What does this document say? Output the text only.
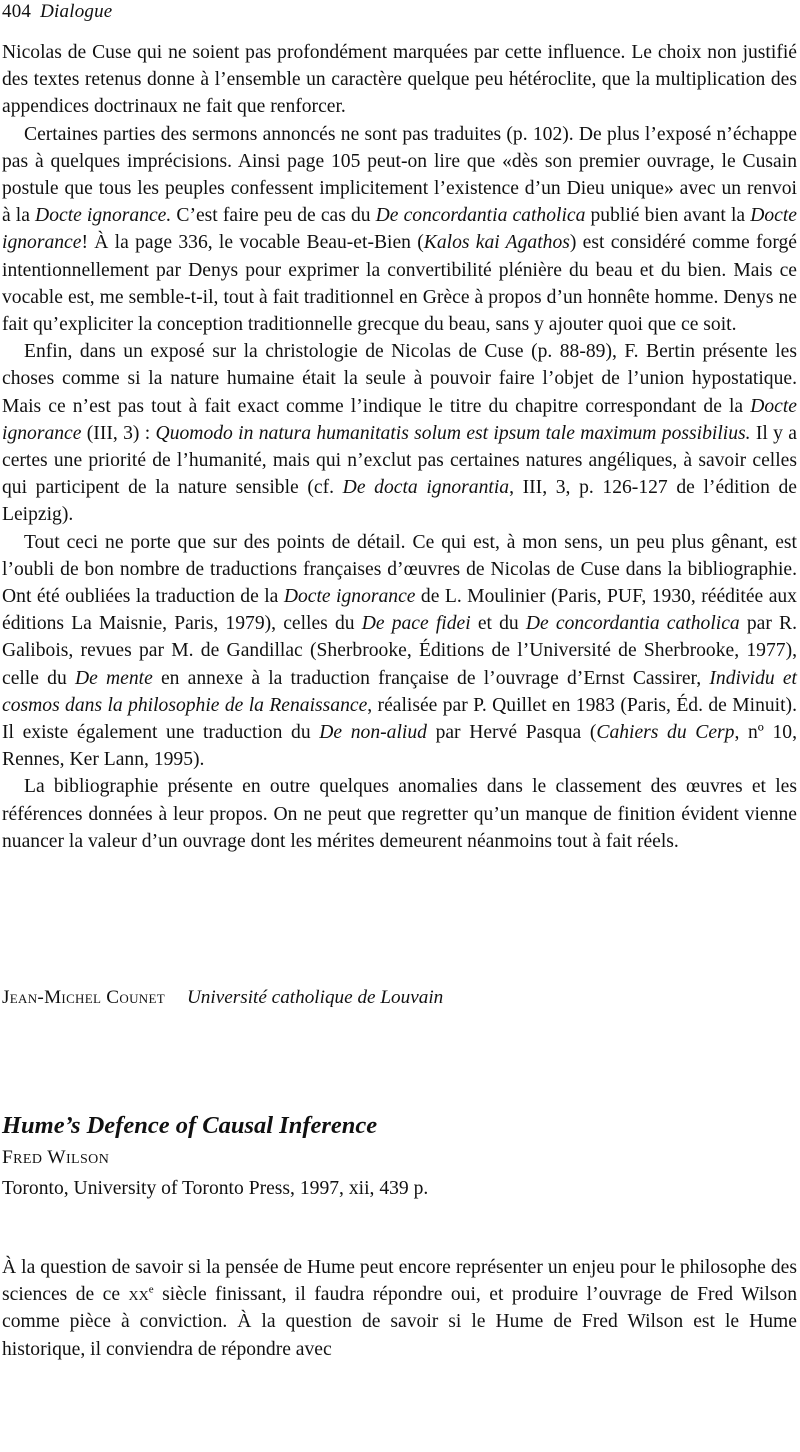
404 Dialogue

Nicolas de Cuse qui ne soient pas profondément marquées par cette influence. Le choix non justifié des textes retenus donne à l’ensemble un caractère quelque peu hétéroclite, que la multiplication des appendices doctrinaux ne fait que renforcer.

Certaines parties des sermons annoncés ne sont pas traduites (p. 102). De plus l’exposé n’échappe pas à quelques imprécisions. Ainsi page 105 peut-on lire que «dès son premier ouvrage, le Cusain postule que tous les peuples confessent implicitement l’existence d’un Dieu unique» avec un renvoi à la Docte ignorance. C’est faire peu de cas du De concordantia catholica publié bien avant la Docte ignorance! À la page 336, le vocable Beau-et-Bien (Kalos kai Agathos) est considéré comme forgé intentionnellement par Denys pour exprimer la convertibilité plénière du beau et du bien. Mais ce vocable est, me semble-t-il, tout à fait traditionnel en Grèce à propos d’un honnête homme. Denys ne fait qu’expliciter la conception traditionnelle grecque du beau, sans y ajouter quoi que ce soit.

Enfin, dans un exposé sur la christologie de Nicolas de Cuse (p. 88-89), F. Bertin présente les choses comme si la nature humaine était la seule à pouvoir faire l’objet de l’union hypostatique. Mais ce n’est pas tout à fait exact comme l’indique le titre du chapitre correspondant de la Docte ignorance (III, 3) : Quomodo in natura humanitatis solum est ipsum tale maximum possibilius. Il y a certes une priorité de l’humanité, mais qui n’exclut pas certaines natures angéliques, à savoir celles qui participent de la nature sensible (cf. De docta ignorantia, III, 3, p. 126-127 de l’édition de Leipzig).

Tout ceci ne porte que sur des points de détail. Ce qui est, à mon sens, un peu plus gênant, est l’oubli de bon nombre de traductions françaises d’œuvres de Nicolas de Cuse dans la bibliographie. Ont été oubliées la traduction de la Docte ignorance de L. Moulinier (Paris, PUF, 1930, rééditée aux éditions La Maisnie, Paris, 1979), celles du De pace fidei et du De concordantia catholica par R. Galibois, revues par M. de Gandillac (Sherbrooke, Éditions de l’Université de Sherbrooke, 1977), celle du De mente en annexe à la traduction française de l’ouvrage d’Ernst Cassirer, Individu et cosmos dans la philosophie de la Renaissance, réalisée par P. Quillet en 1983 (Paris, Éd. de Minuit). Il existe également une traduction du De non-aliud par Hervé Pasqua (Cahiers du Cerp, nº 10, Rennes, Ker Lann, 1995).

La bibliographie présente en outre quelques anomalies dans le classement des œuvres et les références données à leur propos. On ne peut que regretter qu’un manque de finition évident vienne nuancer la valeur d’un ouvrage dont les mérites demeurent néanmoins tout à fait réels.

Jean-Michel Counet Université catholique de Louvain
Hume’s Defence of Causal Inference
Fred Wilson
Toronto, University of Toronto Press, 1997, xii, 439 p.

À la question de savoir si la pensée de Hume peut encore représenter un enjeu pour le philosophe des sciences de ce $xx^e$ siècle finissant, il faudra répondre oui, et produire l’ouvrage de Fred Wilson comme pièce à conviction. À la question de savoir si le Hume de Fred Wilson est le Hume historique, il conviendra de répondre avec
